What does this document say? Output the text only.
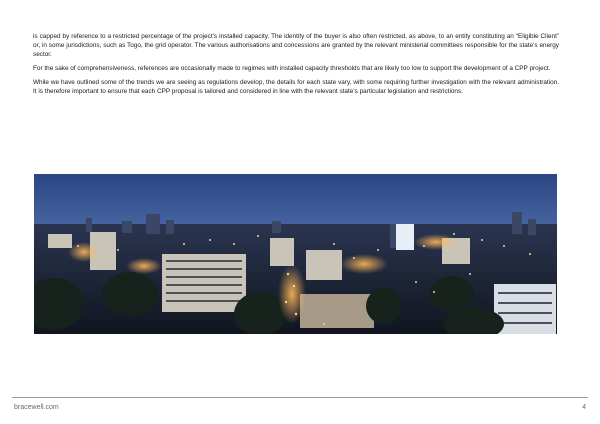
is capped by reference to a restricted percentage of the project’s installed capacity. The identity of the buyer is also often restricted, as above, to an entity constituting an “Eligible Client” or, in some jurisdictions, such as Togo, the grid operator. The various authorisations and concessions are granted by the relevant ministerial committees responsible for the state’s energy sector.

For the sake of comprehensiveness, references are occasionally made to regimes with installed capacity thresholds that are likely too low to support the development of a CPP project.

While we have outlined some of the trends we are seeing as regulations develop, the details for each state vary, with some requiring further investigation with the relevant administration. It is therefore important to ensure that each CPP proposal is tailored and considered in line with the relevant state’s particular legislation and restrictions.

bracewell.com	4
